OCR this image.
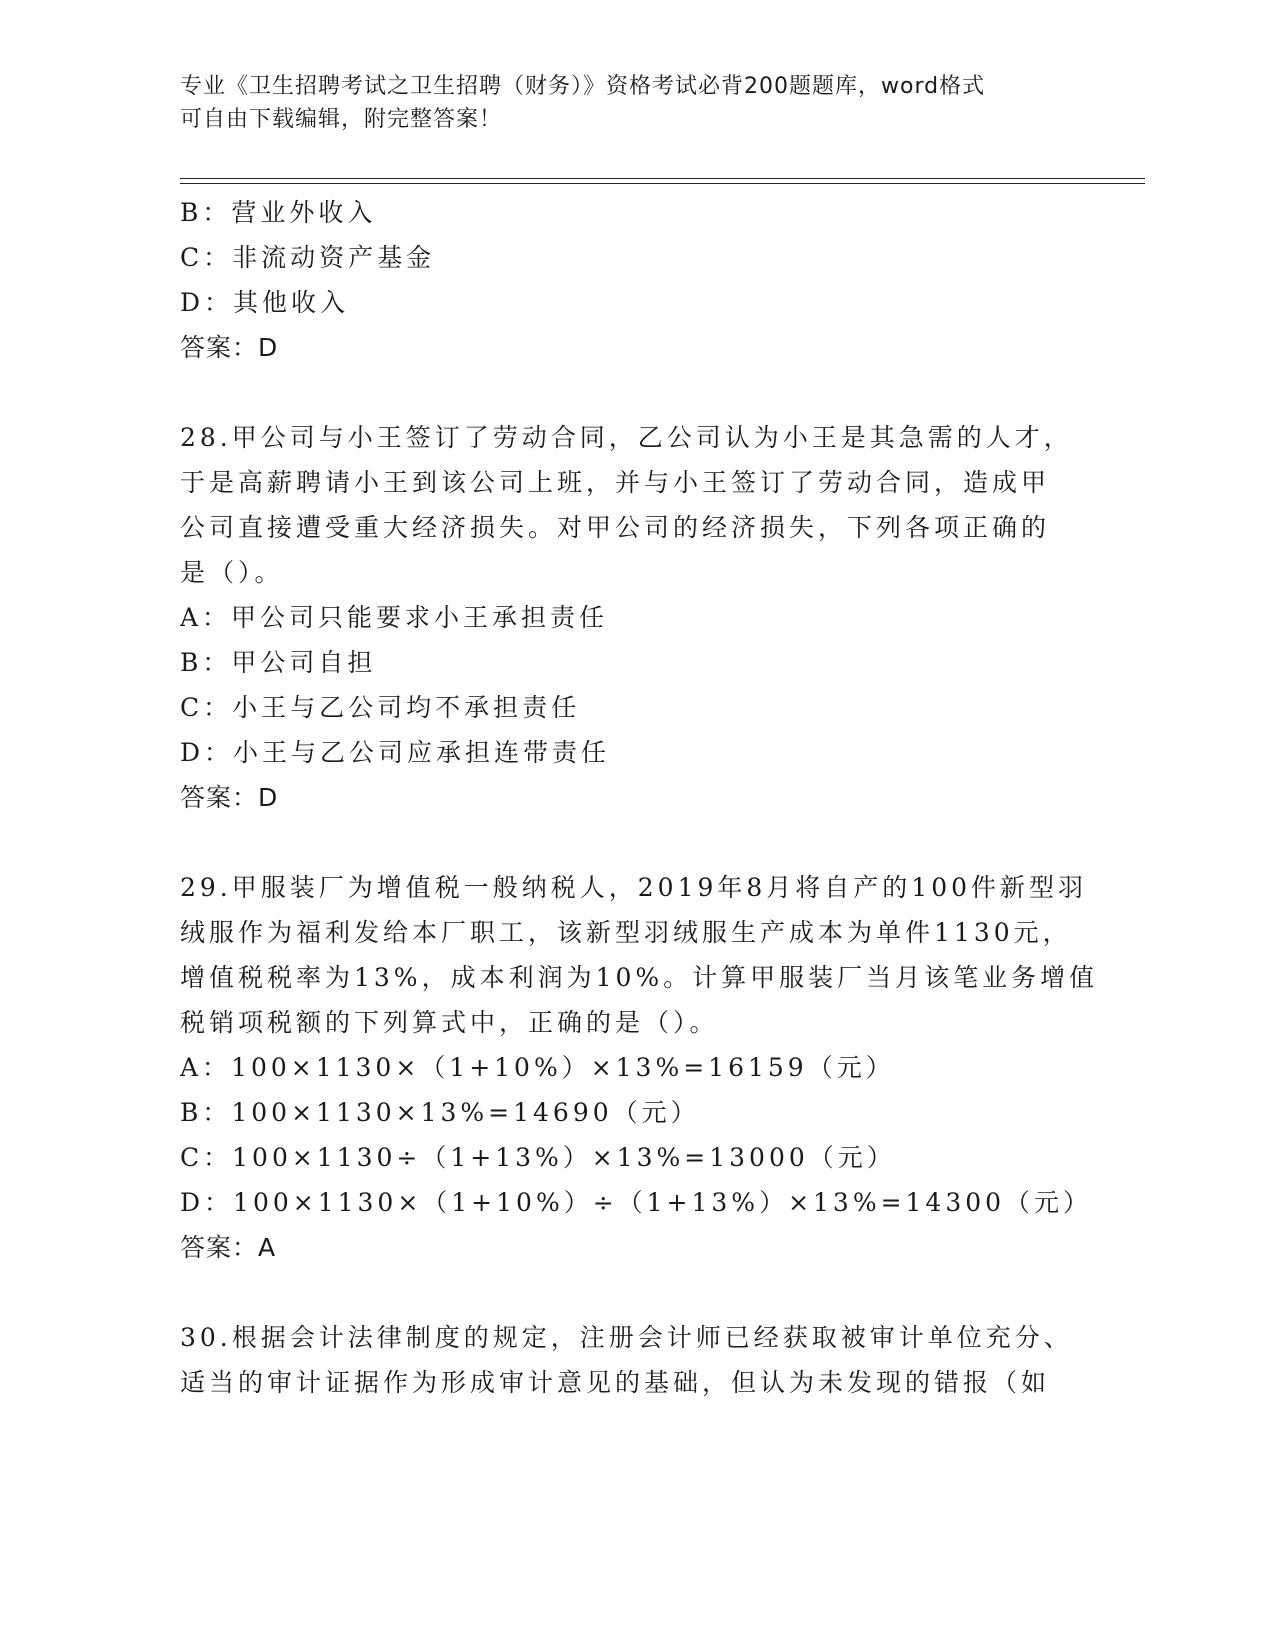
专业《卫生招聘考试之卫生招聘（财务）》资格考试必背200题题库，word格式
可自由下载编辑，附完整答案！
B：营业外收入
C：非流动资产基金
D：其他收入
答案：D
28.甲公司与小王签订了劳动合同，乙公司认为小王是其急需的人才，
于是高薪聘请小王到该公司上班，并与小王签订了劳动合同，造成甲
公司直接遭受重大经济损失。对甲公司的经济损失，下列各项正确的
是（）。
A：甲公司只能要求小王承担责任
B：甲公司自担
C：小王与乙公司均不承担责任
D：小王与乙公司应承担连带责任
答案：D
29.甲服装厂为增值税一般纳税人，2019年8月将自产的100件新型羽
绒服作为福利发给本厂职工，该新型羽绒服生产成本为单件1130元，
增值税税率为13%，成本利润为10%。计算甲服装厂当月该笔业务增值
税销项税额的下列算式中，正确的是（）。
A：100×1130×（1+10%）×13%=16159（元）
B：100×1130×13%=14690（元）
C：100×1130÷（1+13%）×13%=13000（元）
D：100×1130×（1+10%）÷（1+13%）×13%=14300（元）
答案：A
30.根据会计法律制度的规定，注册会计师已经获取被审计单位充分、
适当的审计证据作为形成审计意见的基础，但认为未发现的错报（如
